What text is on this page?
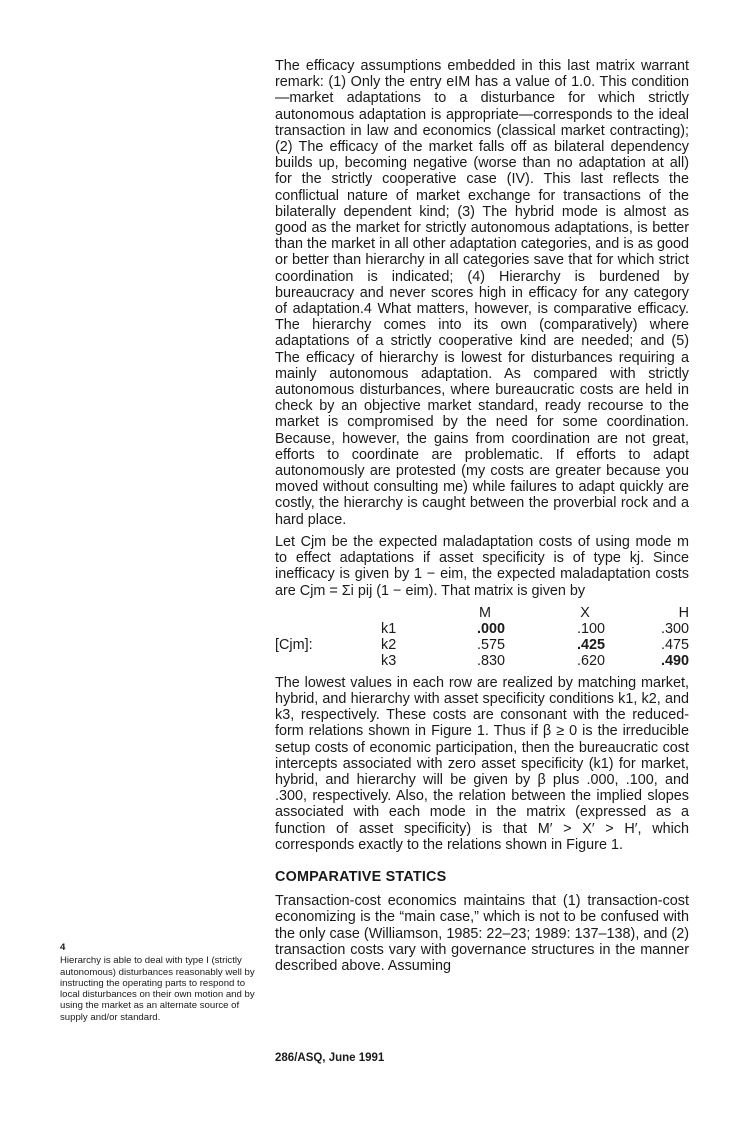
The efficacy assumptions embedded in this last matrix warrant remark: (1) Only the entry eIM has a value of 1.0. This condition—market adaptations to a disturbance for which strictly autonomous adaptation is appropriate—corresponds to the ideal transaction in law and economics (classical market contracting); (2) The efficacy of the market falls off as bilateral dependency builds up, becoming negative (worse than no adaptation at all) for the strictly cooperative case (IV). This last reflects the conflictual nature of market exchange for transactions of the bilaterally dependent kind; (3) The hybrid mode is almost as good as the market for strictly autonomous adaptations, is better than the market in all other adaptation categories, and is as good or better than hierarchy in all categories save that for which strict coordination is indicated; (4) Hierarchy is burdened by bureaucracy and never scores high in efficacy for any category of adaptation.4 What matters, however, is comparative efficacy. The hierarchy comes into its own (comparatively) where adaptations of a strictly cooperative kind are needed; and (5) The efficacy of hierarchy is lowest for disturbances requiring a mainly autonomous adaptation. As compared with strictly autonomous disturbances, where bureaucratic costs are held in check by an objective market standard, ready recourse to the market is compromised by the need for some coordination. Because, however, the gains from coordination are not great, efforts to coordinate are problematic. If efforts to adapt autonomously are protested (my costs are greater because you moved without consulting me) while failures to adapt quickly are costly, the hierarchy is caught between the proverbial rock and a hard place.

Let Cjm be the expected maladaptation costs of using mode m to effect adaptations if asset specificity is of type kj. Since inefficacy is given by 1 − eim, the expected maladaptation costs are Cjm = Σi pij (1 − eim). That matrix is given by

M	X	H
[Cjm]:
k1	.000	.100	.300
k2	.575	.425	.475
k3	.830	.620	.490

The lowest values in each row are realized by matching market, hybrid, and hierarchy with asset specificity conditions k1, k2, and k3, respectively. These costs are consonant with the reduced-form relations shown in Figure 1. Thus if β ≥ 0 is the irreducible setup costs of economic participation, then the bureaucratic cost intercepts associated with zero asset specificity (k1) for market, hybrid, and hierarchy will be given by β plus .000, .100, and .300, respectively. Also, the relation between the implied slopes associated with each mode in the matrix (expressed as a function of asset specificity) is that M′ > X′ > H′, which corresponds exactly to the relations shown in Figure 1.

COMPARATIVE STATICS

Transaction-cost economics maintains that (1) transaction-cost economizing is the “main case,” which is not to be confused with the only case (Williamson, 1985: 22–23; 1989: 137–138), and (2) transaction costs vary with governance structures in the manner described above. Assuming

4
Hierarchy is able to deal with type I (strictly autonomous) disturbances reasonably well by instructing the operating parts to respond to local disturbances on their own motion and by using the market as an alternate source of supply and/or standard.
286/ASQ, June 1991
